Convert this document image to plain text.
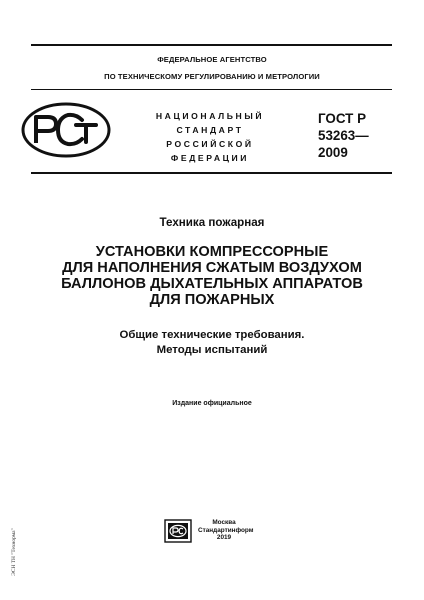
ФЕДЕРАЛЬНОЕ АГЕНТСТВО
ПО ТЕХНИЧЕСКОМУ РЕГУЛИРОВАНИЮ И МЕТРОЛОГИИ
НАЦИОНАЛЬНЫЙ
СТАНДАРТ
РОССИЙСКОЙ
ФЕДЕРАЦИИ
ГОСТ Р
53263—
2009
Техника пожарная
УСТАНОВКИ КОМПРЕССОРНЫЕ
ДЛЯ НАПОЛНЕНИЯ СЖАТЫМ ВОЗДУХОМ
БАЛЛОНОВ ДЫХАТЕЛЬНЫХ АППАРАТОВ
ДЛЯ ПОЖАРНЫХ
Общие технические требования.
Методы испытаний
Издание официальное
Москва
Стандартинформ
2019
ЭСН ТН "Технорма"
